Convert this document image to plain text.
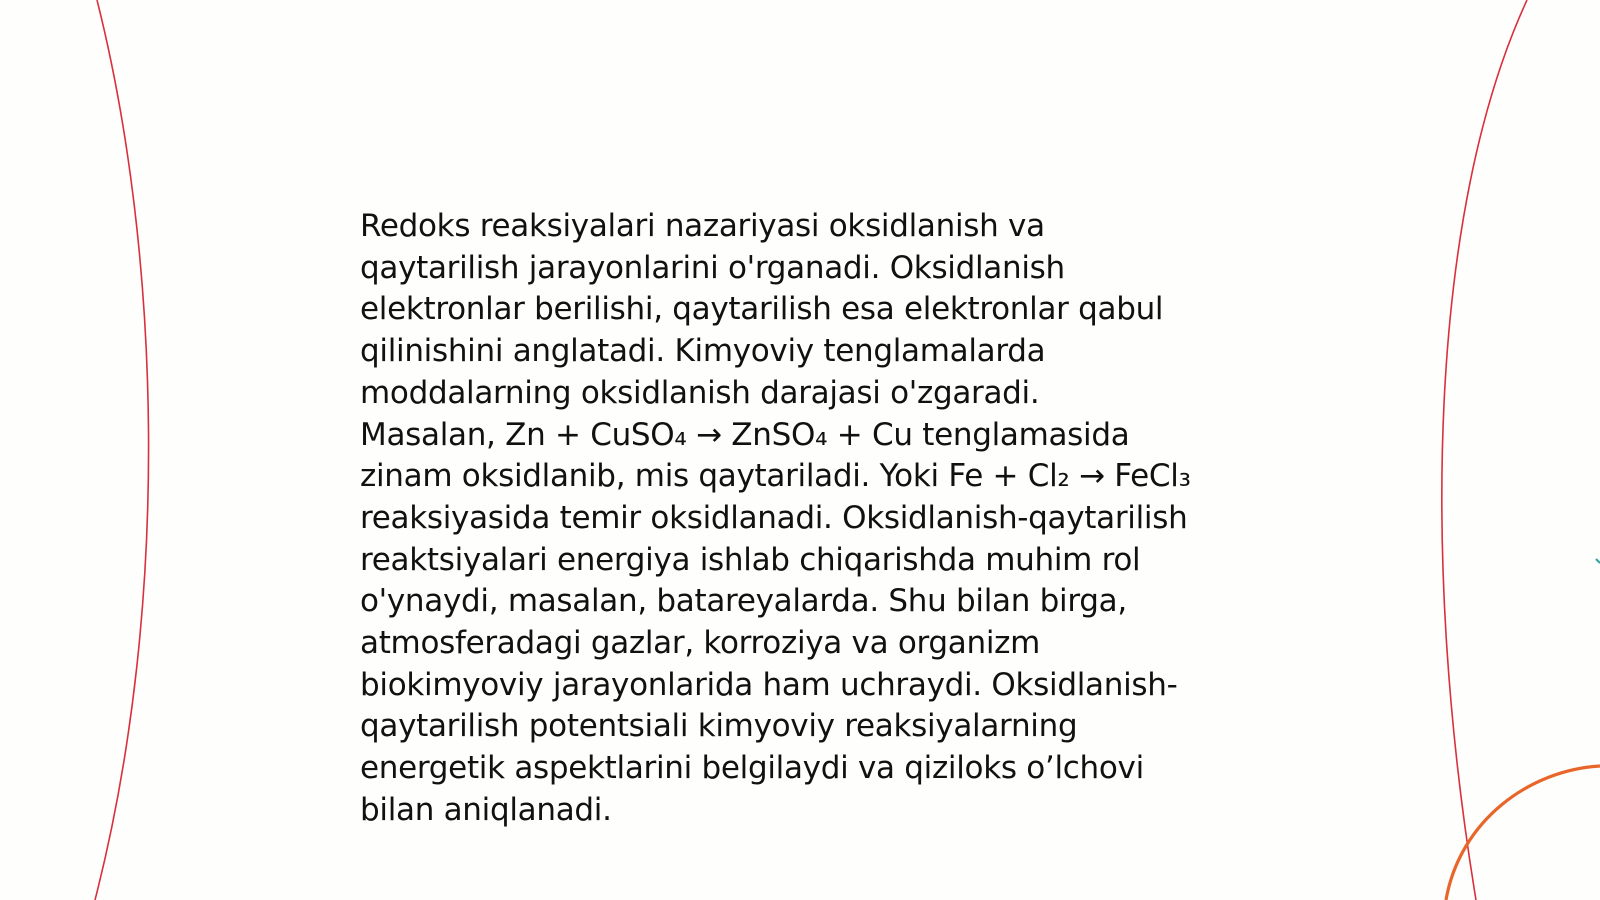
Redoks reaksiyalari nazariyasi oksidlanish va
qaytarilish jarayonlarini o'rganadi. Oksidlanish
elektronlar berilishi, qaytarilish esa elektronlar qabul
qilinishini anglatadi. Kimyoviy tenglamalarda
moddalarning oksidlanish darajasi o'zgaradi.
Masalan, Zn + CuSO₄ → ZnSO₄ + Cu tenglamasida
zinam oksidlanib, mis qaytariladi. Yoki Fe + Cl₂ → FeCl₃
reaksiyasida temir oksidlanadi. Oksidlanish-qaytarilish
reaktsiyalari energiya ishlab chiqarishda muhim rol
o'ynaydi, masalan, batareyalarda. Shu bilan birga,
atmosferadagi gazlar, korroziya va organizm
biokimyoviy jarayonlarida ham uchraydi. Oksidlanish-
qaytarilish potentsiali kimyoviy reaksiyalarning
energetik aspektlarini belgilaydi va qiziloks o’lchovi
bilan aniqlanadi.
